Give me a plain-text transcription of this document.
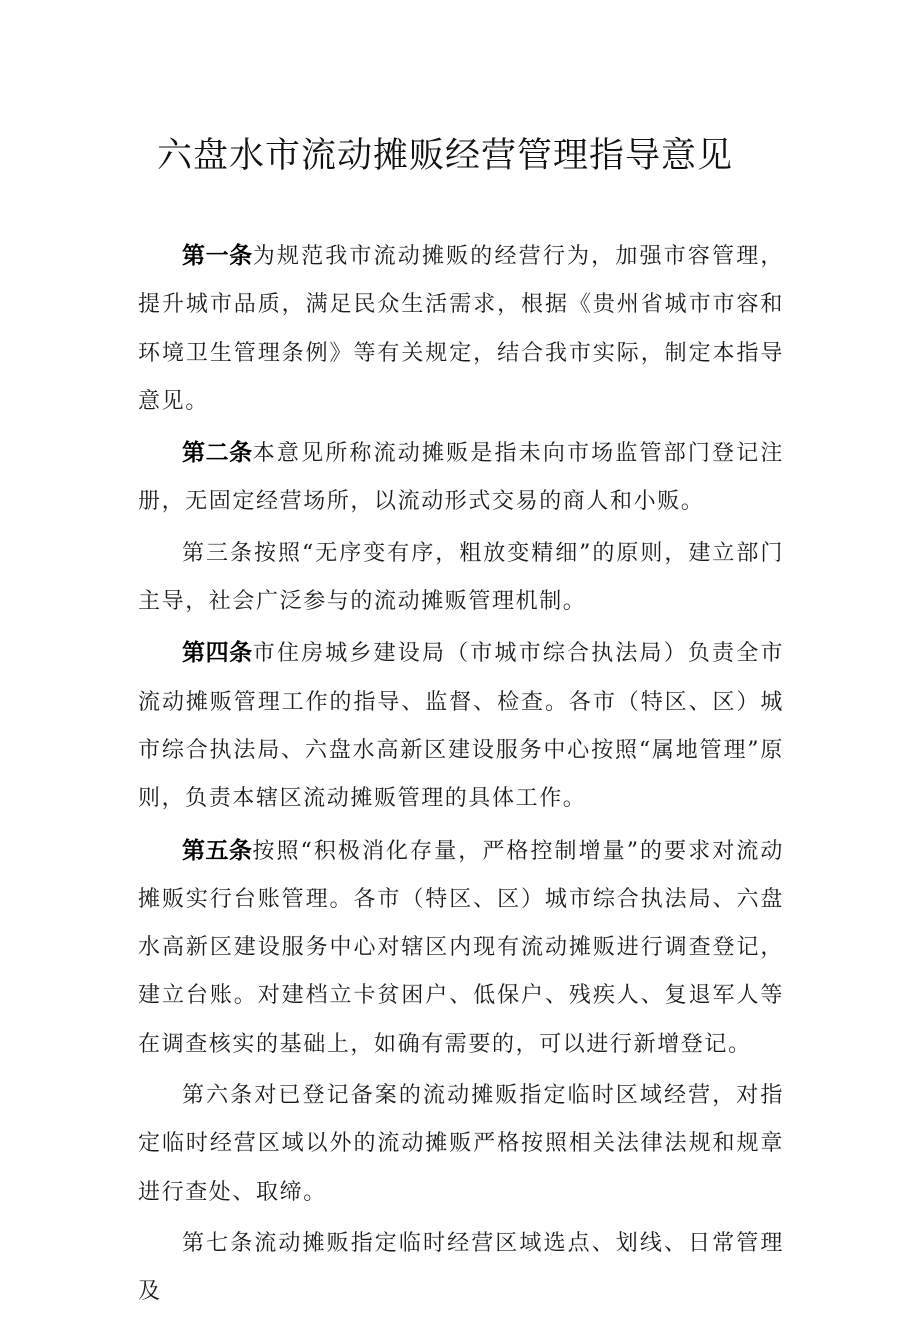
六盘水市流动摊贩经营管理指导意见

第一条为规范我市流动摊贩的经营行为，加强市容管理，提升城市品质，满足民众生活需求，根据《贵州省城市市容和环境卫生管理条例》等有关规定，结合我市实际，制定本指导意见。

第二条本意见所称流动摊贩是指未向市场监管部门登记注册，无固定经营场所，以流动形式交易的商人和小贩。

第三条按照“无序变有序，粗放变精细”的原则，建立部门主导，社会广泛参与的流动摊贩管理机制。

第四条市住房城乡建设局（市城市综合执法局）负责全市流动摊贩管理工作的指导、监督、检查。各市（特区、区）城市综合执法局、六盘水高新区建设服务中心按照“属地管理”原则，负责本辖区流动摊贩管理的具体工作。

第五条按照“积极消化存量，严格控制增量”的要求对流动摊贩实行台账管理。各市（特区、区）城市综合执法局、六盘水高新区建设服务中心对辖区内现有流动摊贩进行调查登记，建立台账。对建档立卡贫困户、低保户、残疾人、复退军人等在调查核实的基础上，如确有需要的，可以进行新增登记。

第六条对已登记备案的流动摊贩指定临时区域经营，对指定临时经营区域以外的流动摊贩严格按照相关法律法规和规章进行查处、取缔。

第七条流动摊贩指定临时经营区域选点、划线、日常管理及
